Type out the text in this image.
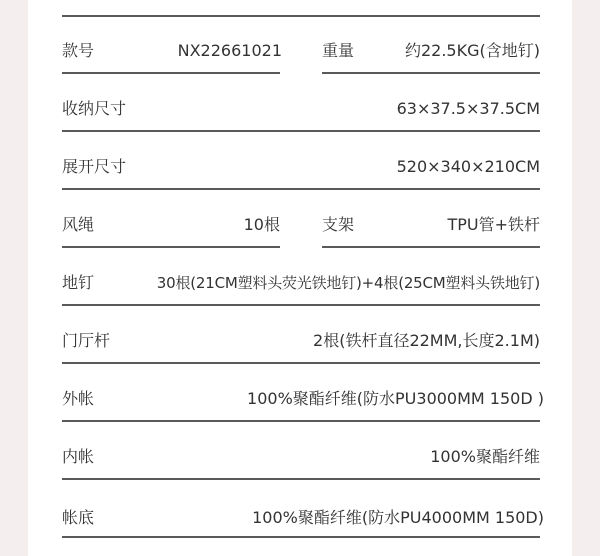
款号	NX22661021	重量	约22.5KG(含地钉)
收纳尺寸	63×37.5×37.5CM
展开尺寸	520×340×210CM
风绳	10根	支架	TPU管+铁杆
地钉	30根(21CM塑料头荧光铁地钉)+4根(25CM塑料头铁地钉)
门厅杆	2根(铁杆直径22MM,长度2.1M)
外帐	100%聚酯纤维(防水PU3000MM 150D )
内帐	100%聚酯纤维
帐底	100%聚酯纤维(防水PU4000MM 150D)
